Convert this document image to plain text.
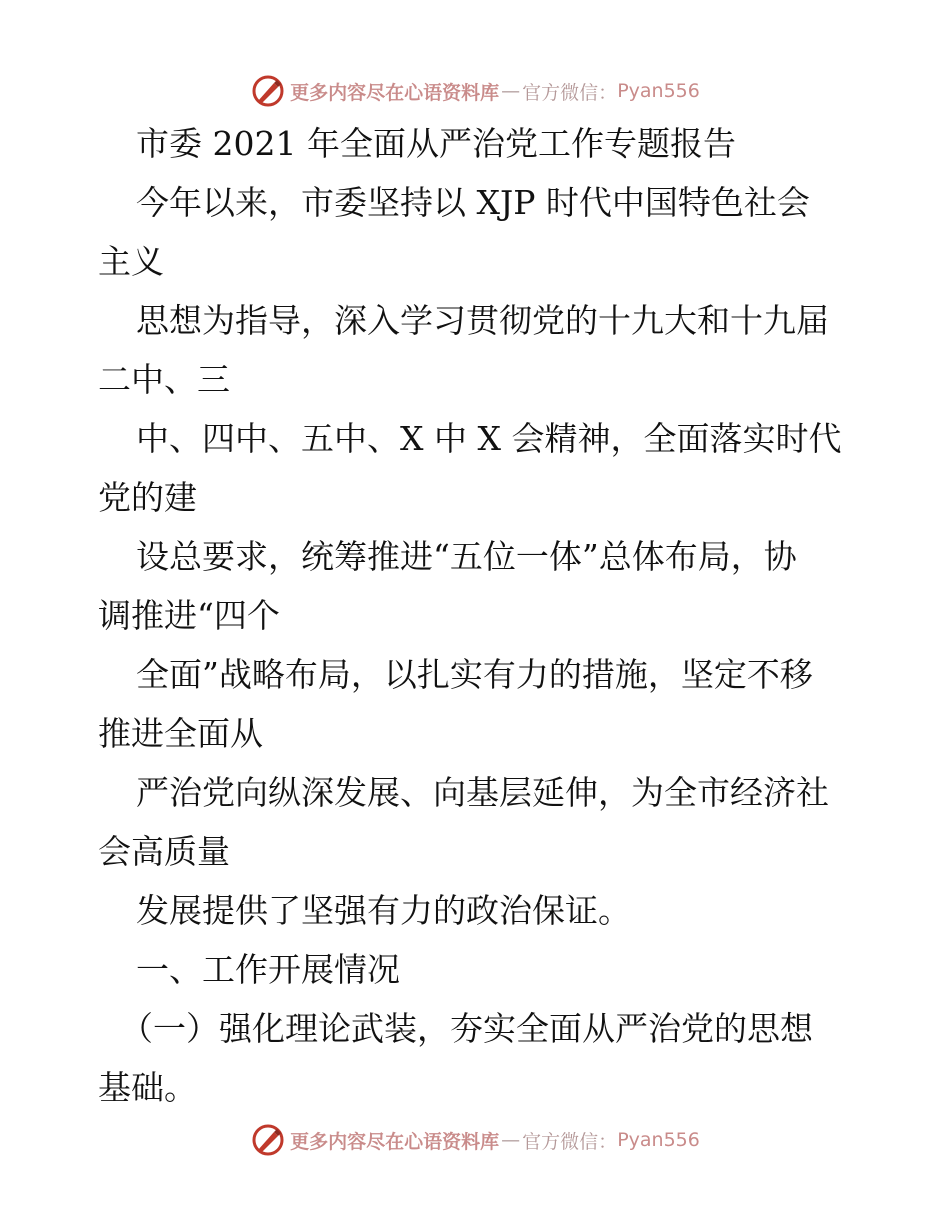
更多内容尽在心语资料库 — 官方微信： Pyan556
市委 2021 年全面从严治党工作专题报告
今年以来，市委坚持以 XJP 时代中国特色社会
主义
思想为指导，深入学习贯彻党的十九大和十九届
二中、三
中、四中、五中、X 中 X 会精神，全面落实时代
党的建
设总要求，统筹推进“五位一体”总体布局，协
调推进“四个
全面”战略布局，以扎实有力的措施，坚定不移
推进全面从
严治党向纵深发展、向基层延伸，为全市经济社
会高质量
发展提供了坚强有力的政治保证。
一、工作开展情况
（一）强化理论武装，夯实全面从严治党的思想
基础。
更多内容尽在心语资料库 — 官方微信： Pyan556
